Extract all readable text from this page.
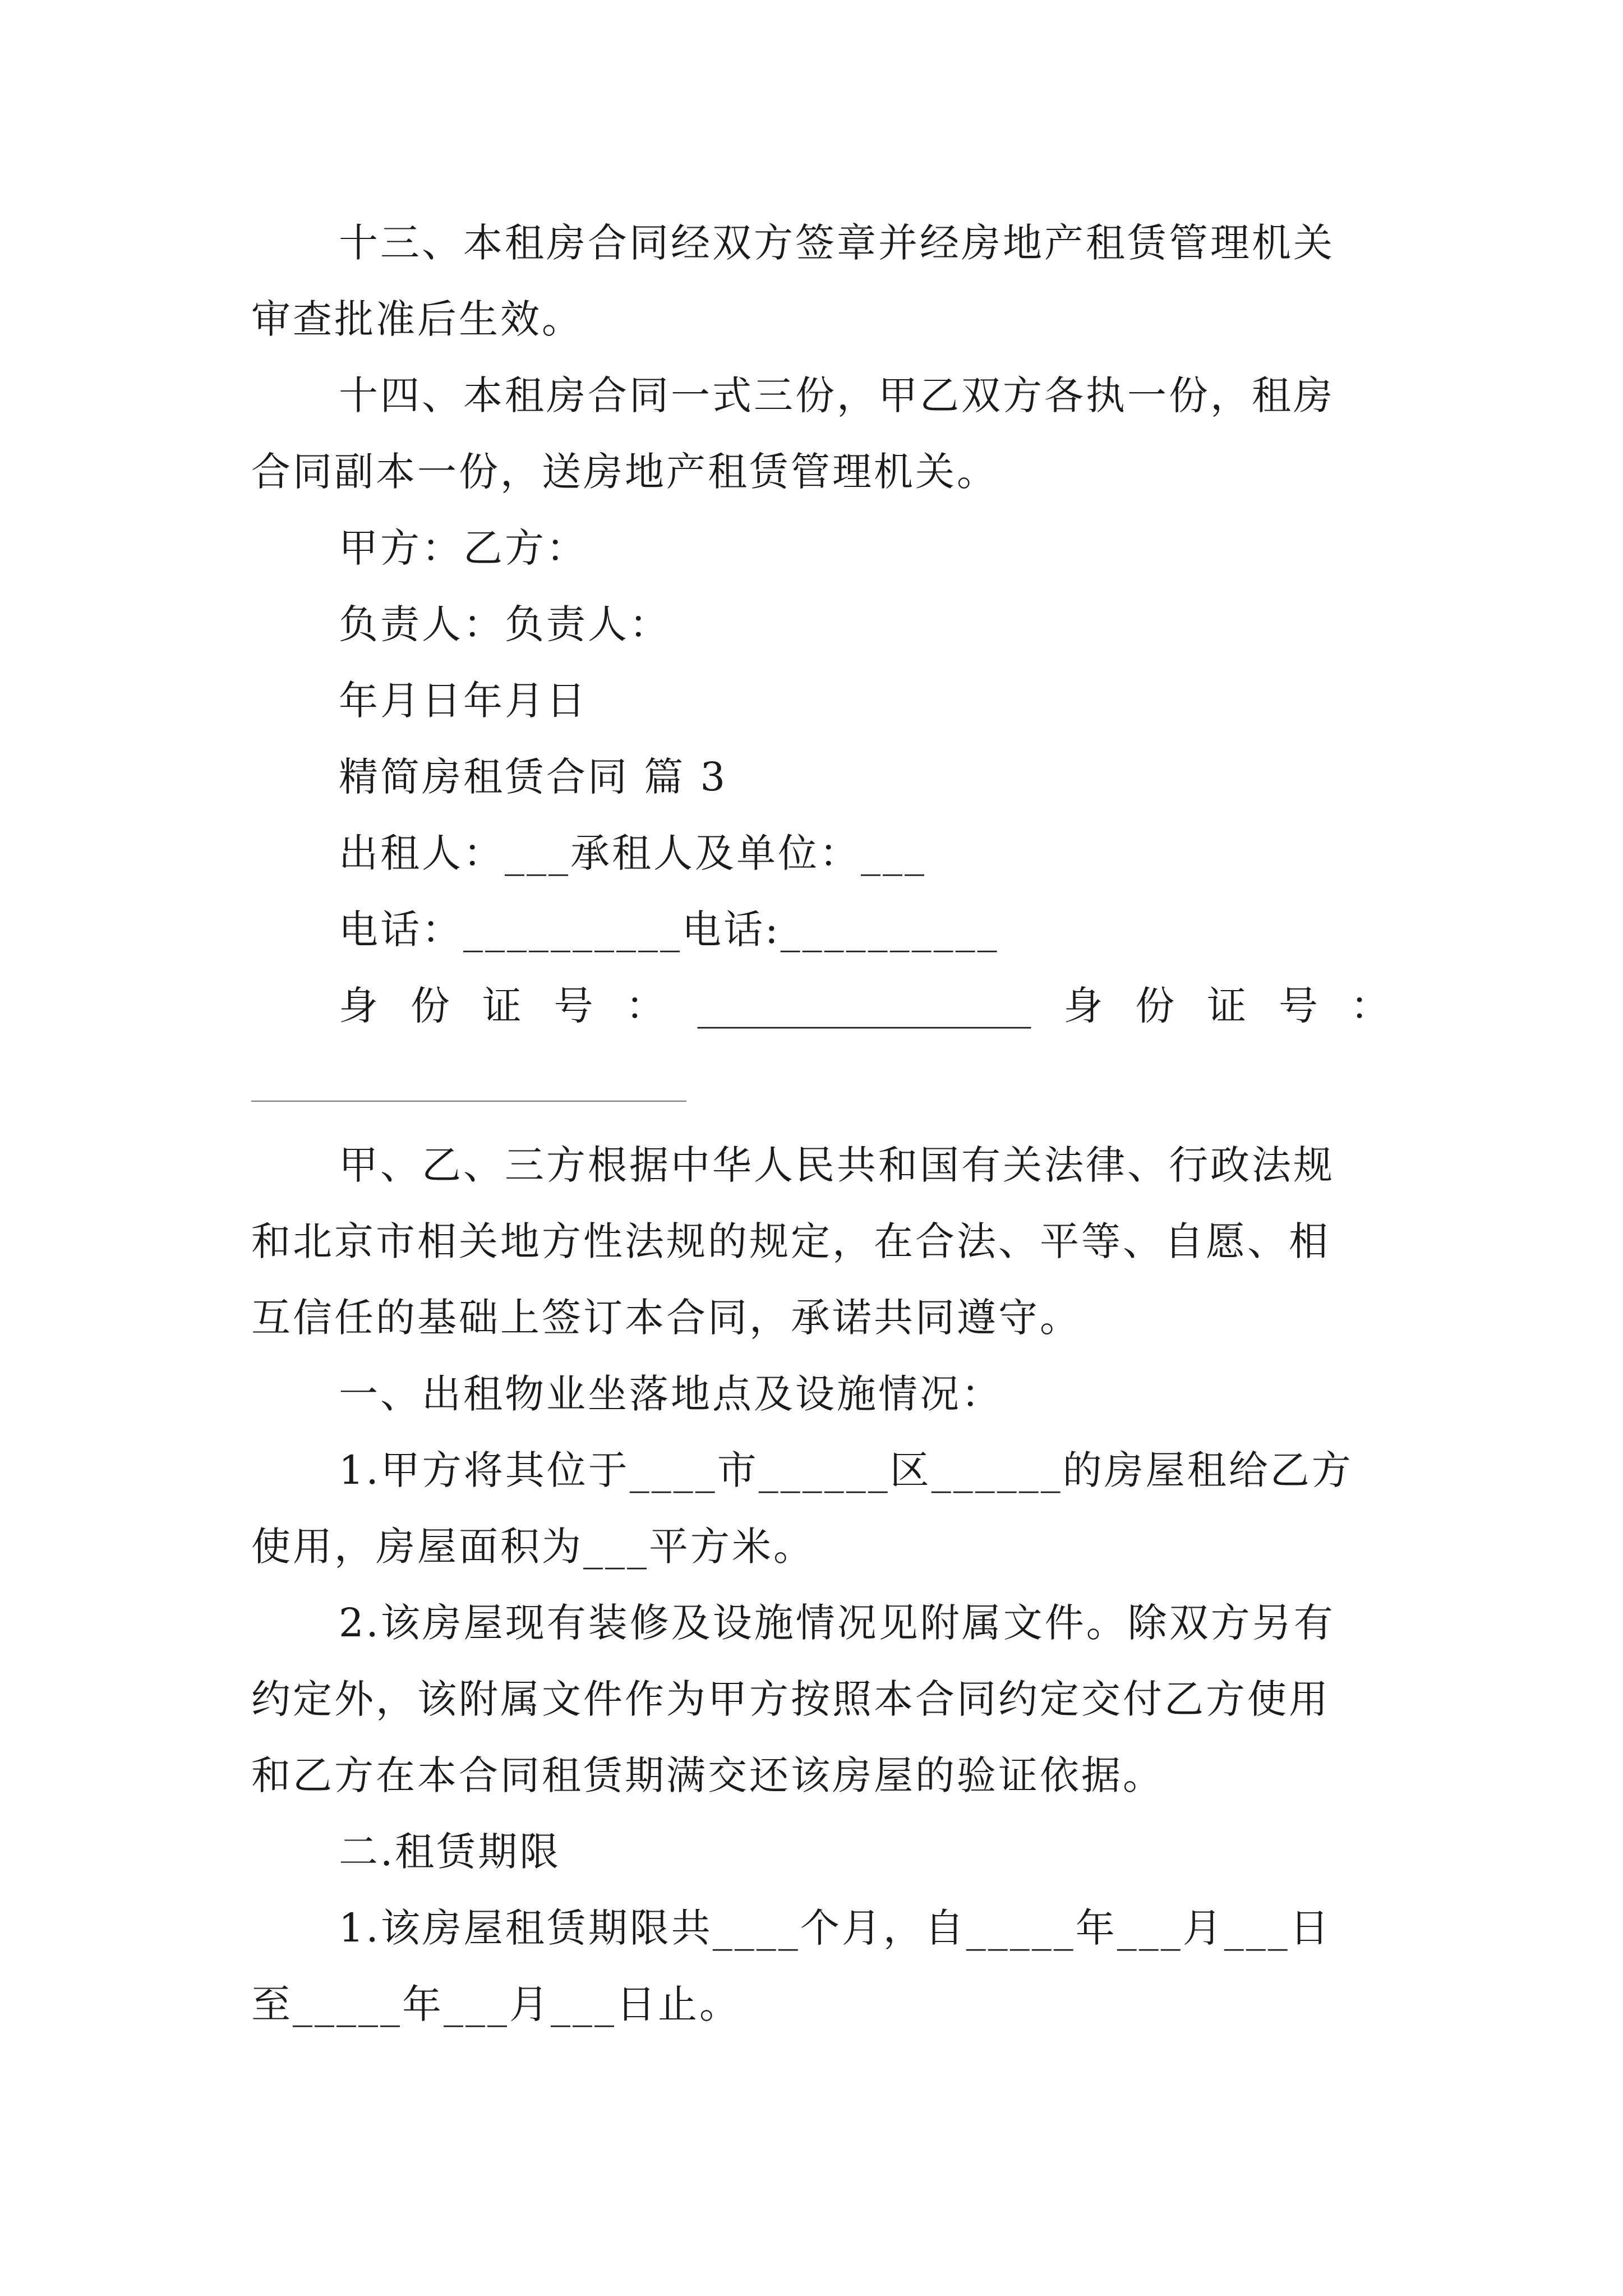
十三、本租房合同经双方签章并经房地产租赁管理机关
审查批准后生效。
十四、本租房合同一式三份，甲乙双方各执一份，租房
合同副本一份，送房地产租赁管理机关。
甲方：乙方：
负责人：负责人：
年月日年月日
精简房租赁合同 篇 3
出租人：___承租人及单位：___
电话：__________电话:__________
身 份 证 号 ： _________________ 身 份 证 号 ：
甲、乙、三方根据中华人民共和国有关法律、行政法规
和北京市相关地方性法规的规定，在合法、平等、自愿、相
互信任的基础上签订本合同，承诺共同遵守。
一、出租物业坐落地点及设施情况：
1.甲方将其位于____市______区______的房屋租给乙方
使用，房屋面积为___平方米。
2.该房屋现有装修及设施情况见附属文件。除双方另有
约定外，该附属文件作为甲方按照本合同约定交付乙方使用
和乙方在本合同租赁期满交还该房屋的验证依据。
二.租赁期限
1.该房屋租赁期限共____个月，自_____年___月___日
至_____年___月___日止。
